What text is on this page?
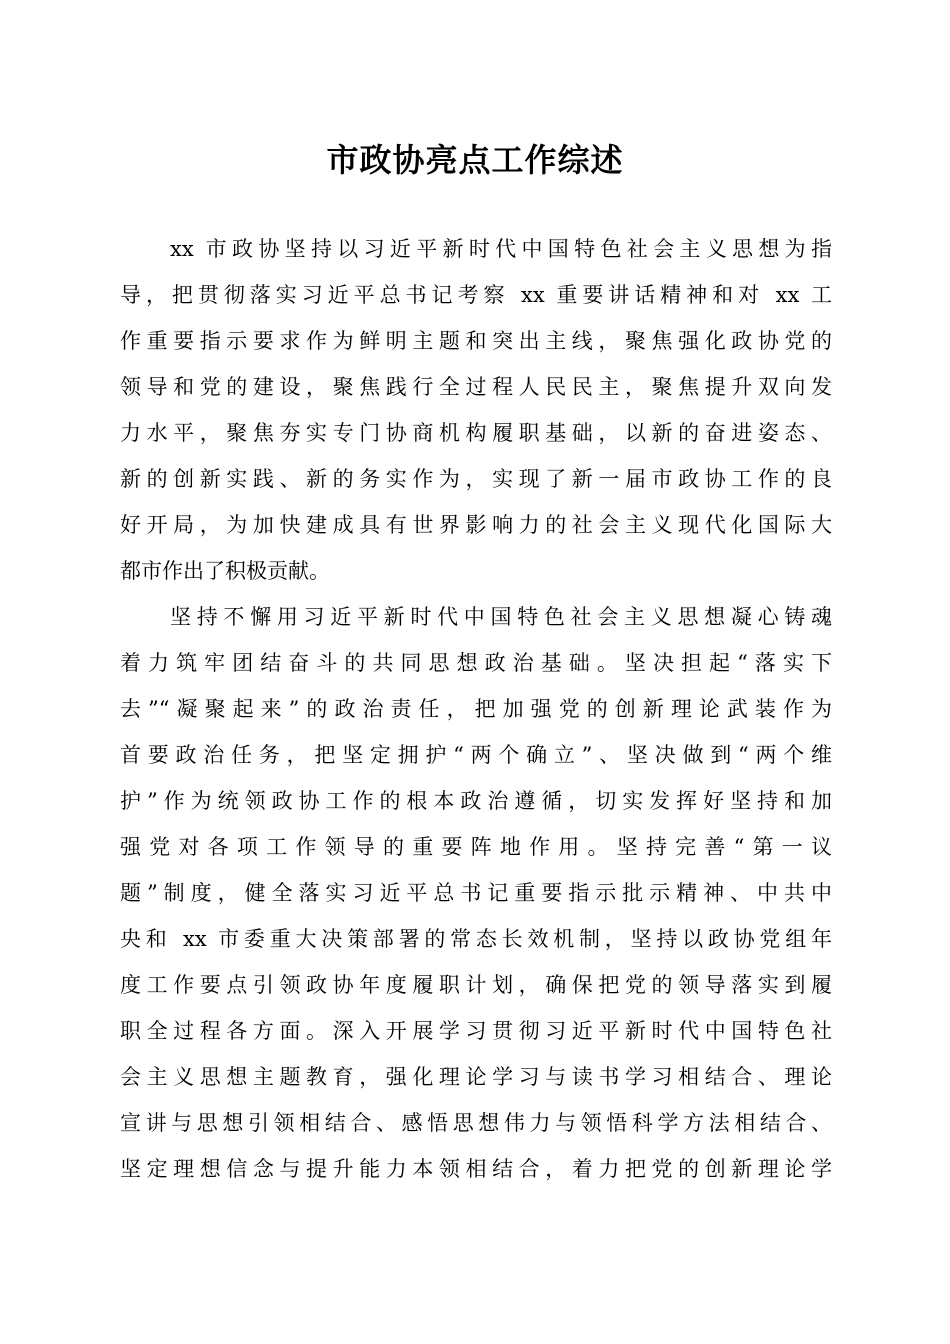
市政协亮点工作综述
xx 市政协坚持以习近平新时代中国特色社会主义思想为指
导，把贯彻落实习近平总书记考察 xx 重要讲话精神和对 xx 工
作重要指示要求作为鲜明主题和突出主线，聚焦强化政协党的
领导和党的建设，聚焦践行全过程人民民主，聚焦提升双向发
力水平，聚焦夯实专门协商机构履职基础，以新的奋进姿态、
新的创新实践、新的务实作为，实现了新一届市政协工作的良
好开局，为加快建成具有世界影响力的社会主义现代化国际大
都市作出了积极贡献。
坚持不懈用习近平新时代中国特色社会主义思想凝心铸魂
着力筑牢团结奋斗的共同思想政治基础。坚决担起“落实下
去”“凝聚起来”的政治责任，把加强党的创新理论武装作为
首要政治任务，把坚定拥护“两个确立”、坚决做到“两个维
护”作为统领政协工作的根本政治遵循，切实发挥好坚持和加
强党对各项工作领导的重要阵地作用。坚持完善“第一议
题”制度，健全落实习近平总书记重要指示批示精神、中共中
央和 xx 市委重大决策部署的常态长效机制，坚持以政协党组年
度工作要点引领政协年度履职计划，确保把党的领导落实到履
职全过程各方面。深入开展学习贯彻习近平新时代中国特色社
会主义思想主题教育，强化理论学习与读书学习相结合、理论
宣讲与思想引领相结合、感悟思想伟力与领悟科学方法相结合、
坚定理想信念与提升能力本领相结合，着力把党的创新理论学
